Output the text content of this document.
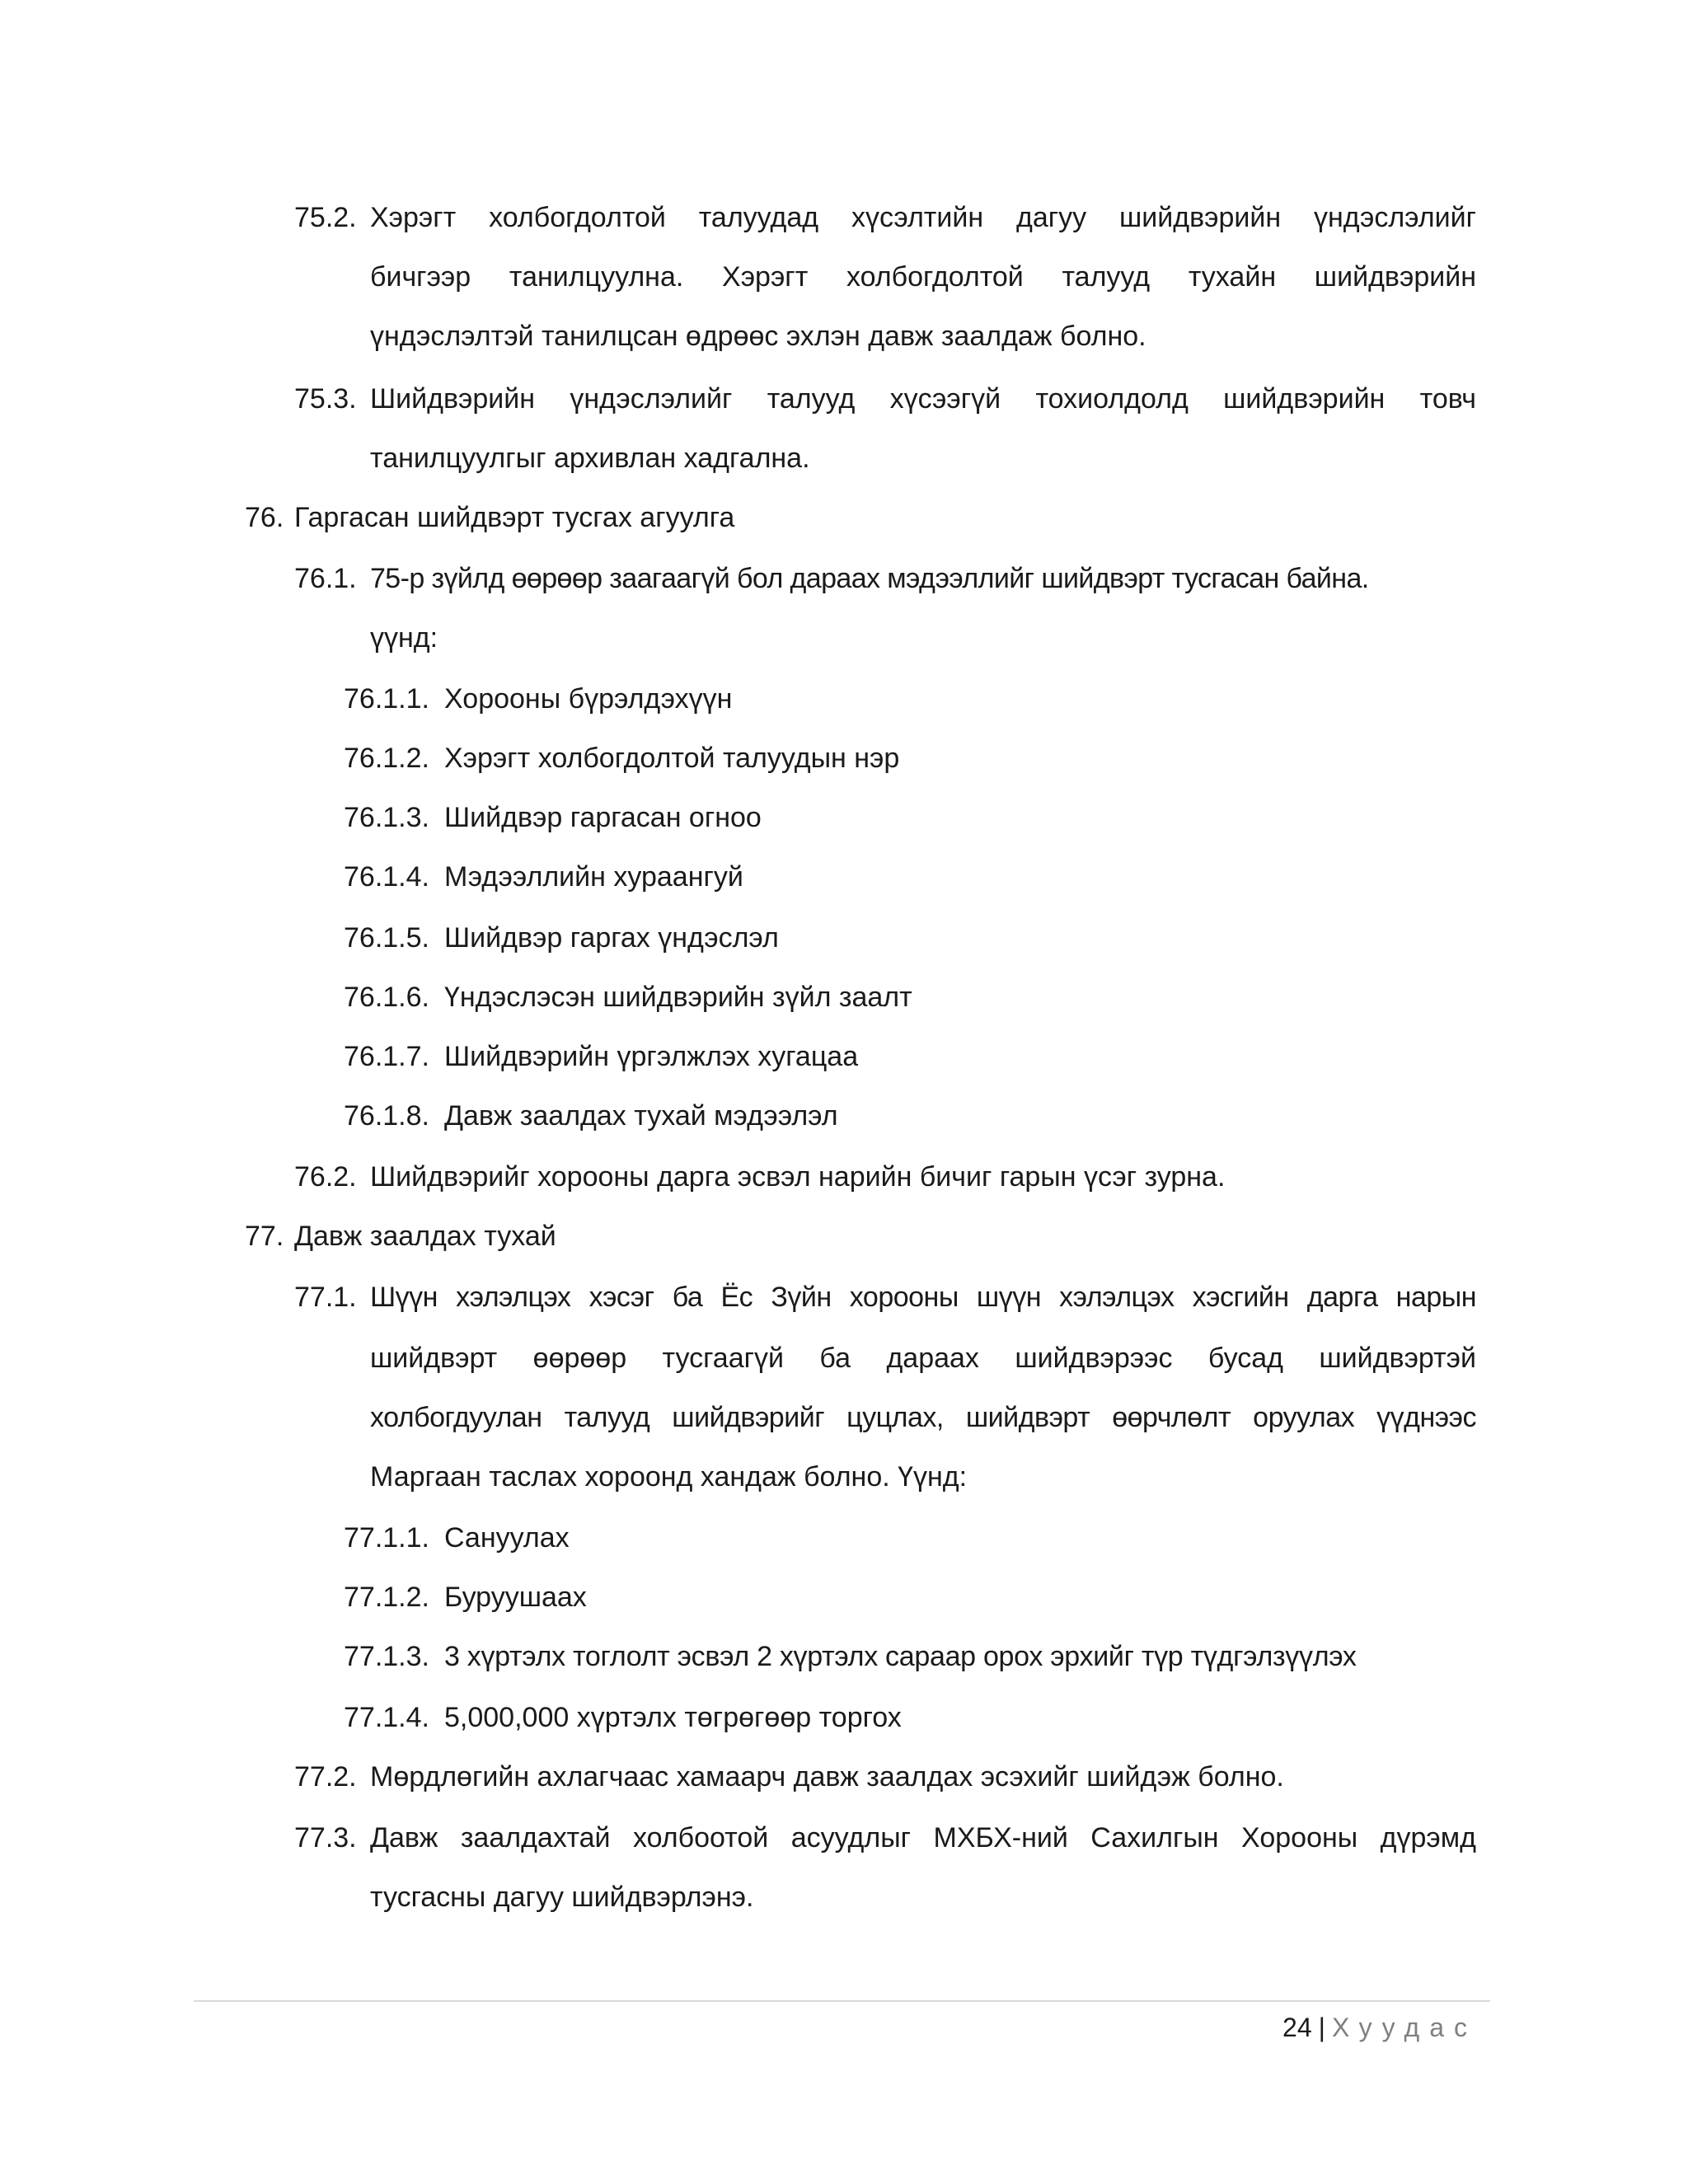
75.2. Хэрэгт холбогдолтой талуудад хүсэлтийн дагуу шийдвэрийн үндэслэлийг
бичгээр танилцуулна. Хэрэгт холбогдолтой талууд тухайн шийдвэрийн
үндэслэлтэй танилцсан өдрөөс эхлэн давж заалдаж болно.
75.3. Шийдвэрийн үндэслэлийг талууд хүсээгүй тохиолдолд шийдвэрийн товч
танилцуулгыг архивлан хадгална.
76. Гаргасан шийдвэрт тусгах агуулга
76.1. 75-р зүйлд өөрөөр заагаагүй бол дараах мэдээллийг шийдвэрт тусгасан байна.
үүнд:
76.1.1. Хорооны бүрэлдэхүүн
76.1.2. Хэрэгт холбогдолтой талуудын нэр
76.1.3. Шийдвэр гаргасан огноо
76.1.4. Мэдээллийн хураангуй
76.1.5. Шийдвэр гаргах үндэслэл
76.1.6. Үндэслэсэн шийдвэрийн зүйл заалт
76.1.7. Шийдвэрийн үргэлжлэх хугацаа
76.1.8. Давж заалдах тухай мэдээлэл
76.2. Шийдвэрийг хорооны дарга эсвэл нарийн бичиг гарын үсэг зурна.
77. Давж заалдах тухай
77.1. Шүүн хэлэлцэх хэсэг ба Ёс Зүйн хорооны шүүн хэлэлцэх хэсгийн дарга нарын
шийдвэрт өөрөөр тусгаагүй ба дараах шийдвэрээс бусад шийдвэртэй
холбогдуулан талууд шийдвэрийг цуцлах, шийдвэрт өөрчлөлт оруулах үүднээс
Маргаан таслах хороонд хандаж болно. Үүнд:
77.1.1. Сануулах
77.1.2. Буруушаах
77.1.3. 3 хүртэлх тоглолт эсвэл 2 хүртэлх сараар орох эрхийг түр түдгэлзүүлэх
77.1.4. 5,000,000 хүртэлх төгрөгөөр торгох
77.2. Мөрдлөгийн ахлагчаас хамаарч давж заалдах эсэхийг шийдэж болно.
77.3. Давж заалдахтай холбоотой асуудлыг МХБХ-ний Сахилгын Хорооны дүрэмд
тусгасны дагуу шийдвэрлэнэ.
24 | Хуудас
